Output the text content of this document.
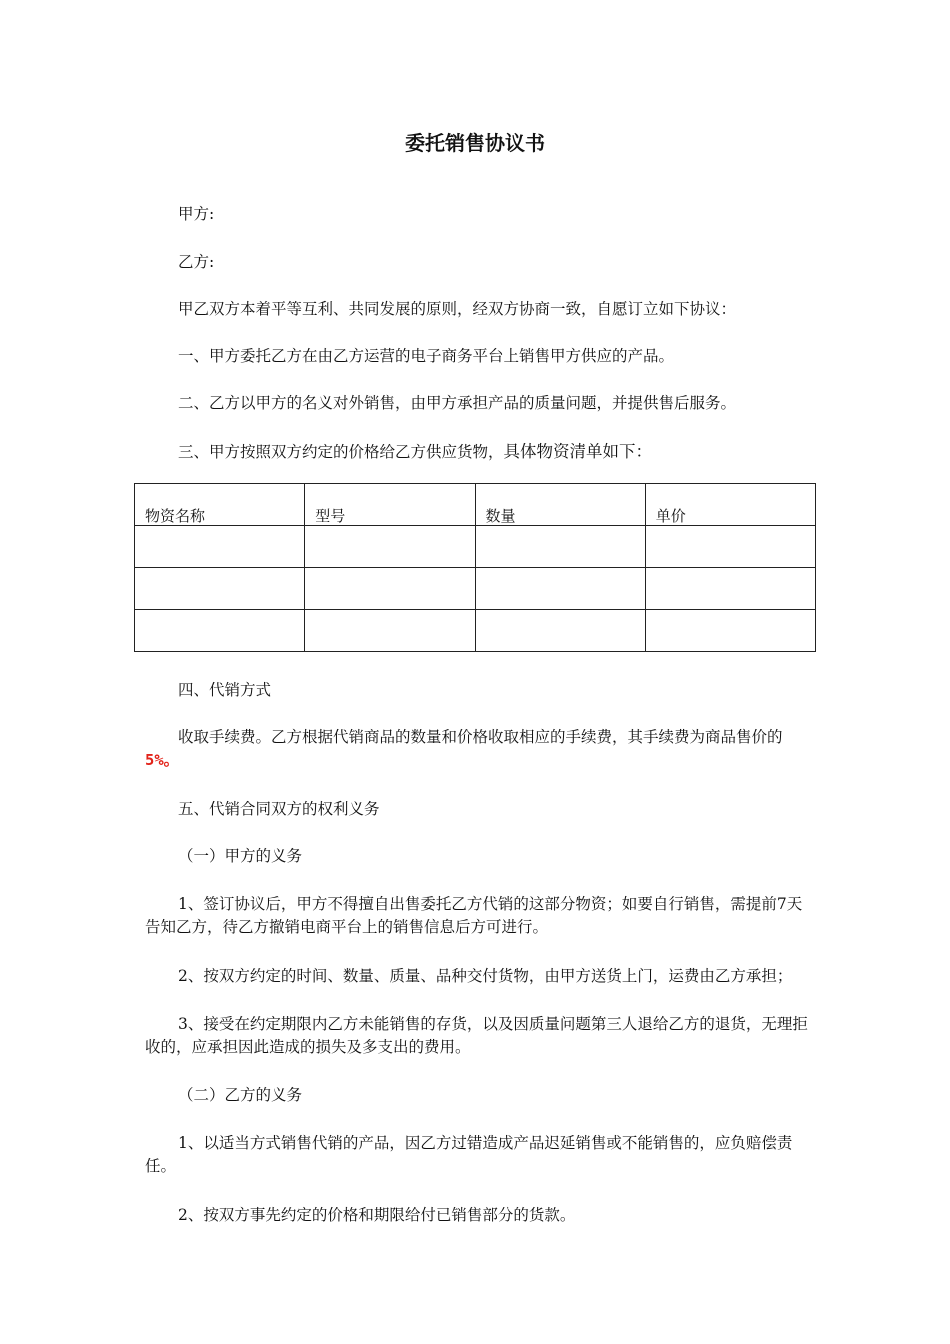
委托销售协议书
甲方:
乙方:
甲乙双方本着平等互利、共同发展的原则，经双方协商一致，自愿订立如下协议：
一、甲方委托乙方在由乙方运营的电子商务平台上销售甲方供应的产品。
二、乙方以甲方的名义对外销售，由甲方承担产品的质量问题，并提供售后服务。
三、甲方按照双方约定的价格给乙方供应货物，具体物资清单如下：
物资名称	型号	数量	单价

四、代销方式
收取手续费。乙方根据代销商品的数量和价格收取相应的手续费，其手续费为商品售价的5%。
五、代销合同双方的权利义务
（一）甲方的义务
1、签订协议后，甲方不得擅自出售委托乙方代销的这部分物资；如要自行销售，需提前7天告知乙方，待乙方撤销电商平台上的销售信息后方可进行。
2、按双方约定的时间、数量、质量、品种交付货物，由甲方送货上门，运费由乙方承担；
3、接受在约定期限内乙方未能销售的存货，以及因质量问题第三人退给乙方的退货，无理拒收的，应承担因此造成的损失及多支出的费用。
（二）乙方的义务
1、以适当方式销售代销的产品，因乙方过错造成产品迟延销售或不能销售的，应负赔偿责任。
2、按双方事先约定的价格和期限给付已销售部分的货款。
